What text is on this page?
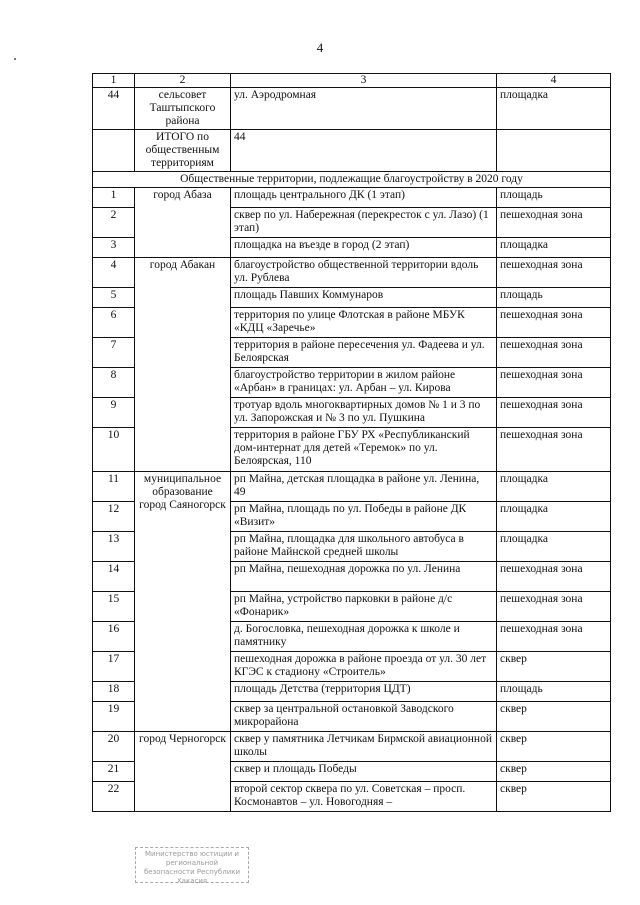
4
1	2	3	4
44	сельсовет Таштыпского района	ул. Аэродромная	площадка
	ИТОГО по общественным территориям	44	
Общественные территории, подлежащие благоустройству в 2020 году			
1	город Абаза	площадь центрального ДК (1 этап)	площадь
2		сквер по ул. Набережная (перекресток с ул. Лазо) (1 этап)	пешеходная зона
3		площадка на въезде в город (2 этап)	площадка
4	город Абакан	благоустройство общественной территории вдоль ул. Рублева	пешеходная зона
5		площадь Павших Коммунаров	площадь
6		территория по улице Флотская в районе МБУК «КДЦ «Заречье»	пешеходная зона
7		территория в районе пересечения ул. Фадеева и ул. Белоярская	пешеходная зона
8		благоустройство территории в жилом районе «Арбан» в границах: ул. Арбан – ул. Кирова	пешеходная зона
9		тротуар вдоль многоквартирных домов № 1 и 3 по ул. Запорожская и № 3 по ул. Пушкина	пешеходная зона
10		территория в районе ГБУ РХ «Республиканский дом-интернат для детей «Теремок» по ул. Белоярская, 110	пешеходная зона
11	муниципальное образование город Саяногорск	рп Майна, детская площадка в районе ул. Ленина, 49	площадка
12		рп Майна, площадь по ул. Победы в районе ДК «Визит»	площадка
13		рп Майна, площадка для школьного автобуса в районе Майнской средней школы	площадка
14		рп Майна, пешеходная дорожка по ул. Ленина	пешеходная зона
15		рп Майна, устройство парковки в районе д/с «Фонарик»	пешеходная зона
16		д. Богословка, пешеходная дорожка к школе и памятнику	пешеходная зона
17		пешеходная дорожка в районе проезда от ул. 30 лет КГЭС к стадиону «Строитель»	сквер
18		площадь Детства (территория ЦДТ)	площадь
19		сквер за центральной остановкой Заводского микрорайона	сквер
20	город Черногорск	сквер у памятника Летчикам Бирмской авиационной школы	сквер
21		сквер и площадь Победы	сквер
22		второй сектор сквера по ул. Советская – просп. Космонавтов – ул. Новогодняя –	сквер
Министерство юстиции и региональной безопасности Республики Хакасия
